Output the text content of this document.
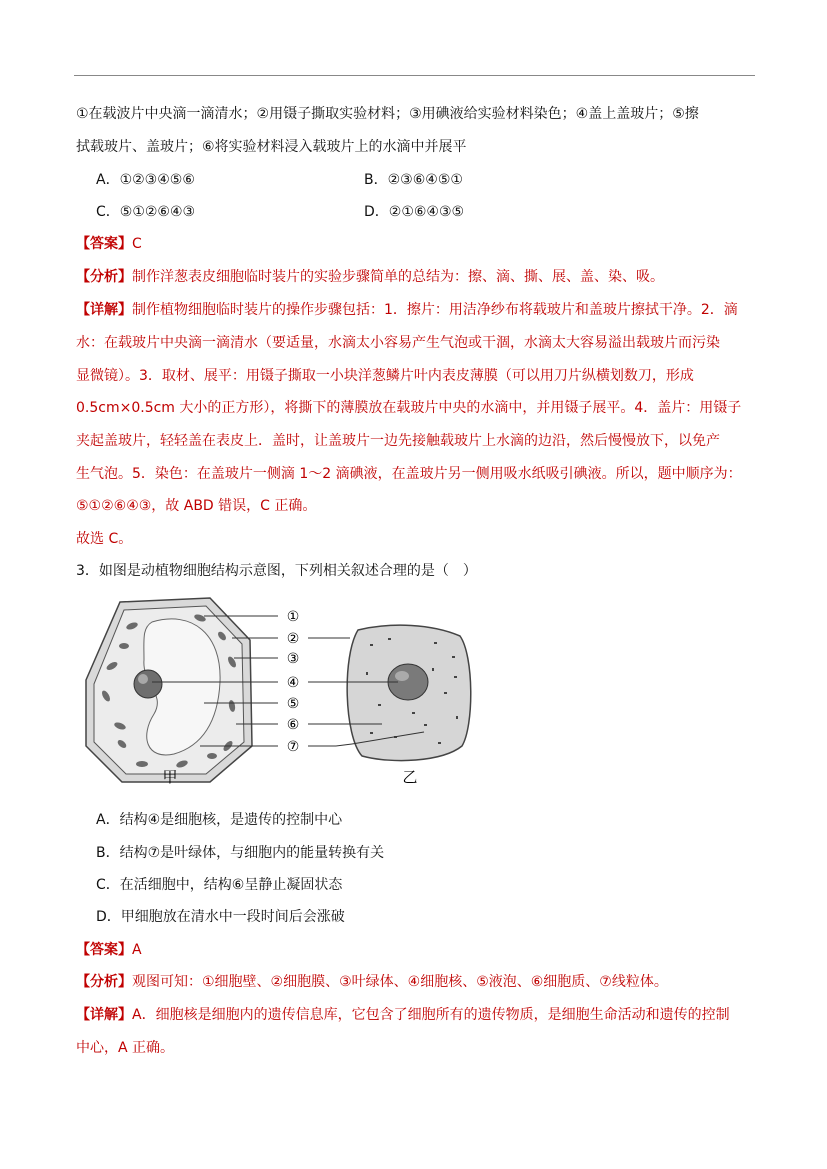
①在载波片中央滴一滴清水；②用镊子撕取实验材料；③用碘液给实验材料染色；④盖上盖玻片；⑤擦
拭载玻片、盖玻片；⑥将实验材料浸入载玻片上的水滴中并展平
A．①②③④⑤⑥	B．②③⑥④⑤①
C．⑤①②⑥④③	D．②①⑥④③⑤
【答案】C
【分析】制作洋葱表皮细胞临时装片的实验步骤简单的总结为：擦、滴、撕、展、盖、染、吸。
【详解】制作植物细胞临时装片的操作步骤包括：1．擦片：用洁净纱布将载玻片和盖玻片擦拭干净。2．滴
水：在载玻片中央滴一滴清水（要适量，水滴太小容易产生气泡或干涸，水滴太大容易溢出载玻片而污染
显微镜）。3．取材、展平：用镊子撕取一小块洋葱鳞片叶内表皮薄膜（可以用刀片纵横划数刀，形成
0.5cm×0.5cm 大小的正方形），将撕下的薄膜放在载玻片中央的水滴中，并用镊子展平。4．盖片：用镊子
夹起盖玻片，轻轻盖在表皮上．盖时，让盖玻片一边先接触载玻片上水滴的边沿，然后慢慢放下，以免产
生气泡。5．染色：在盖玻片一侧滴 1～2 滴碘液，在盖玻片另一侧用吸水纸吸引碘液。所以，题中顺序为：
⑤①②⑥④③，故 ABD 错误，C 正确。
故选 C。
3．如图是动植物细胞结构示意图，下列相关叙述合理的是（　）
①
②
③
④
⑤
⑥
⑦
甲	乙
A．结构④是细胞核，是遗传的控制中心
B．结构⑦是叶绿体，与细胞内的能量转换有关
C．在活细胞中，结构⑥呈静止凝固状态
D．甲细胞放在清水中一段时间后会涨破
【答案】A
【分析】观图可知：①细胞壁、②细胞膜、③叶绿体、④细胞核、⑤液泡、⑥细胞质、⑦线粒体。
【详解】A．细胞核是细胞内的遗传信息库，它包含了细胞所有的遗传物质，是细胞生命活动和遗传的控制
中心，A 正确。
